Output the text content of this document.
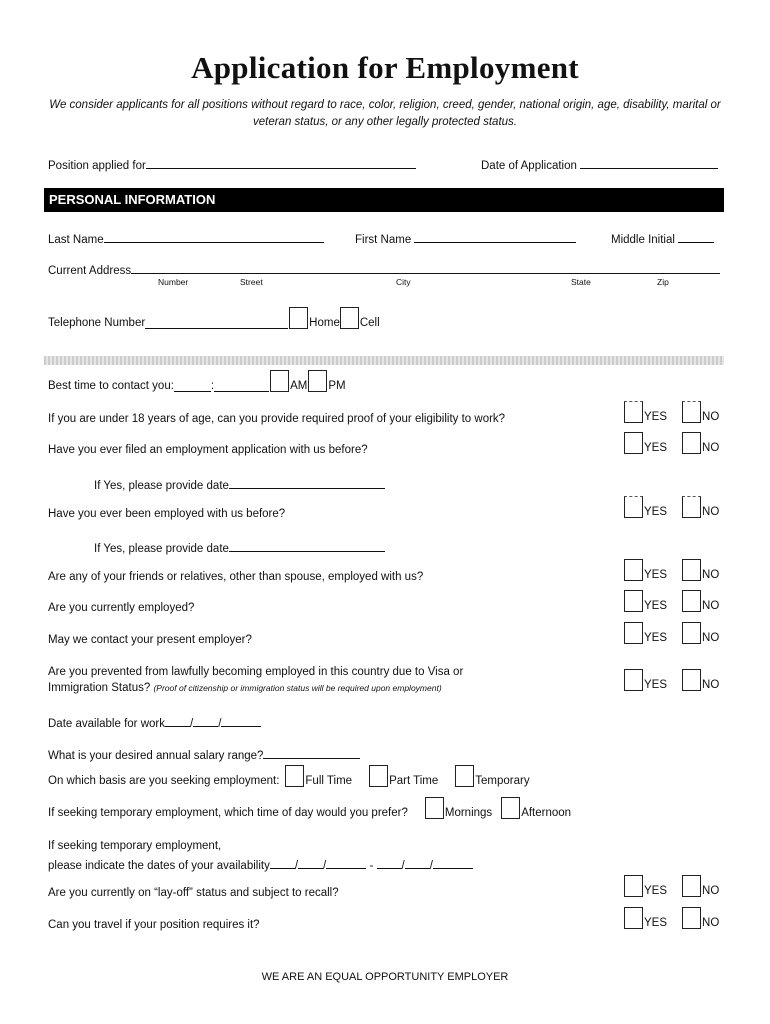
Application for Employment
We consider applicants for all positions without regard to race, color, religion, creed, gender, national origin, age, disability, marital or veteran status, or any other legally protected status.
Position applied for	Date of Application
PERSONAL INFORMATION
Last Name	First Name	Middle Initial
Current Address
Number	Street	City	State	Zip
Telephone Number	Home Cell
Best time to contact you:	:	AM PM
If you are under 18 years of age, can you provide required proof of your eligibility to work?	YES	NO
Have you ever filed an employment application with us before?	YES	NO
If Yes, please provide date
Have you ever been employed with us before?	YES	NO
If Yes, please provide date
Are any of your friends or relatives, other than spouse, employed with us?	YES	NO
Are you currently employed?	YES	NO
May we contact your present employer?	YES	NO
Are you prevented from lawfully becoming employed in this country due to Visa or
Immigration Status? (Proof of citizenship or immigration status will be required upon employment)	YES	NO
Date available for work / /
What is your desired annual salary range?
On which basis are you seeking employment: Full Time	Part Time	Temporary
If seeking temporary employment, which time of day would you prefer?	Mornings	Afternoon
If seeking temporary employment,
please indicate the dates of your availability / /	- / /
Are you currently on “lay-off” status and subject to recall?	YES	NO
Can you travel if your position requires it?	YES	NO
WE ARE AN EQUAL OPPORTUNITY EMPLOYER
